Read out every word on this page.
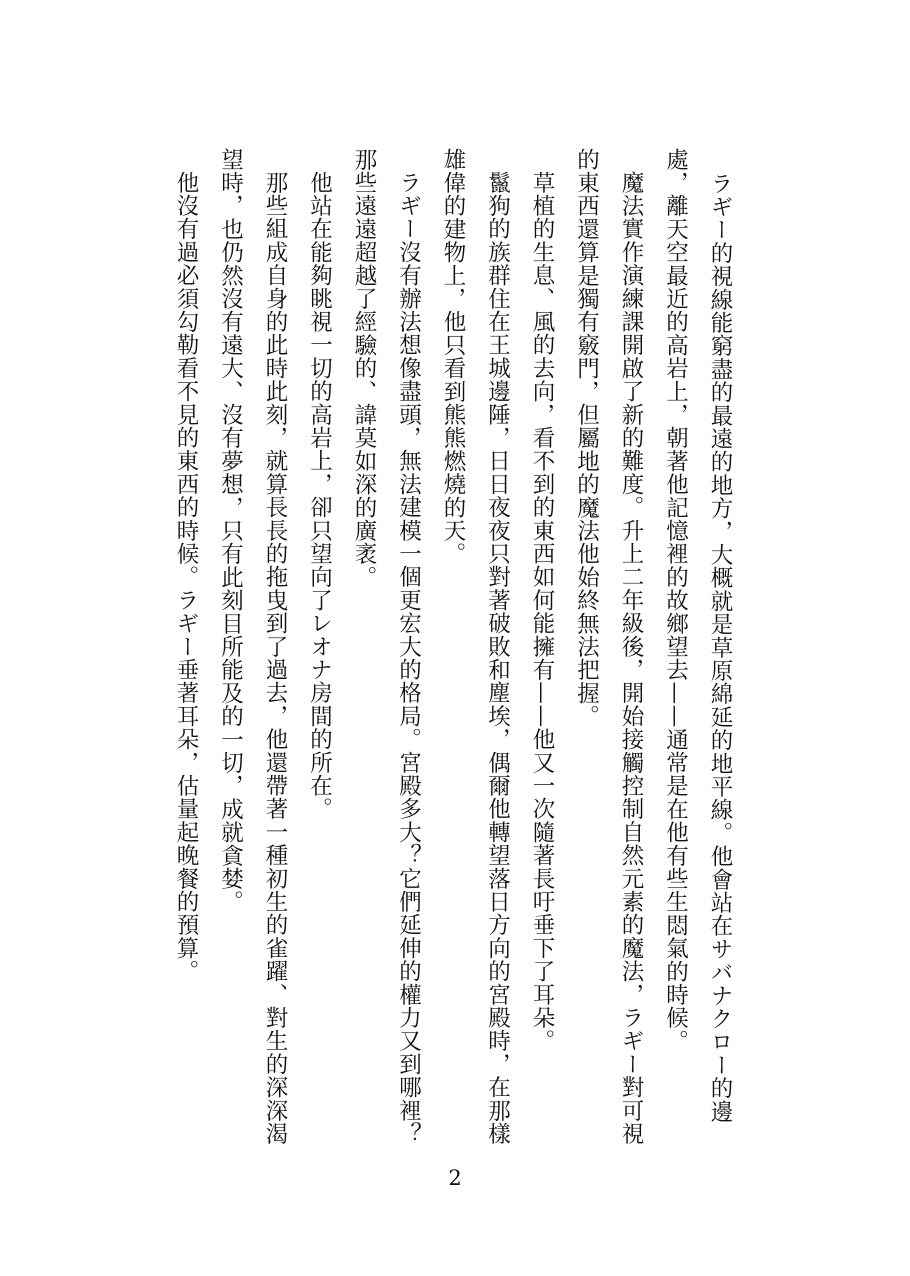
ラギー的視線能窮盡的最遠的地方，大概就是草原綿延的地平線。他會站在サバナクロー的邊處，離天空最近的高岩上，朝著他記憶裡的故鄉望去——通常是在他有些生悶氣的時候。

魔法實作演練課開啟了新的難度。升上二年級後，開始接觸控制自然元素的魔法，ラギー對可視的東西還算是獨有竅門，但屬地的魔法他始終無法把握。

草植的生息、風的去向，看不到的東西如何能擁有——他又一次隨著長吁垂下了耳朵。

鬣狗的族群住在王城邊陲，日日夜夜只對著破敗和塵埃，偶爾他轉望落日方向的宮殿時，在那樣雄偉的建物上，他只看到熊熊燃燒的天。

ラギー沒有辦法想像盡頭，無法建模一個更宏大的格局。宮殿多大？它們延伸的權力又到哪裡？那些遠遠超越了經驗的、諱莫如深的廣袤。

他站在能夠眺視一切的高岩上，卻只望向了レオナ房間的所在。

那些組成自身的此時此刻，就算長長的拖曳到了過去，他還帶著一種初生的雀躍、對生的深深渴望時，也仍然沒有遠大、沒有夢想，只有此刻目所能及的一切，成就貪婪。

他沒有過必須勾勒看不見的東西的時候。ラギー垂著耳朵，估量起晚餐的預算。

2
